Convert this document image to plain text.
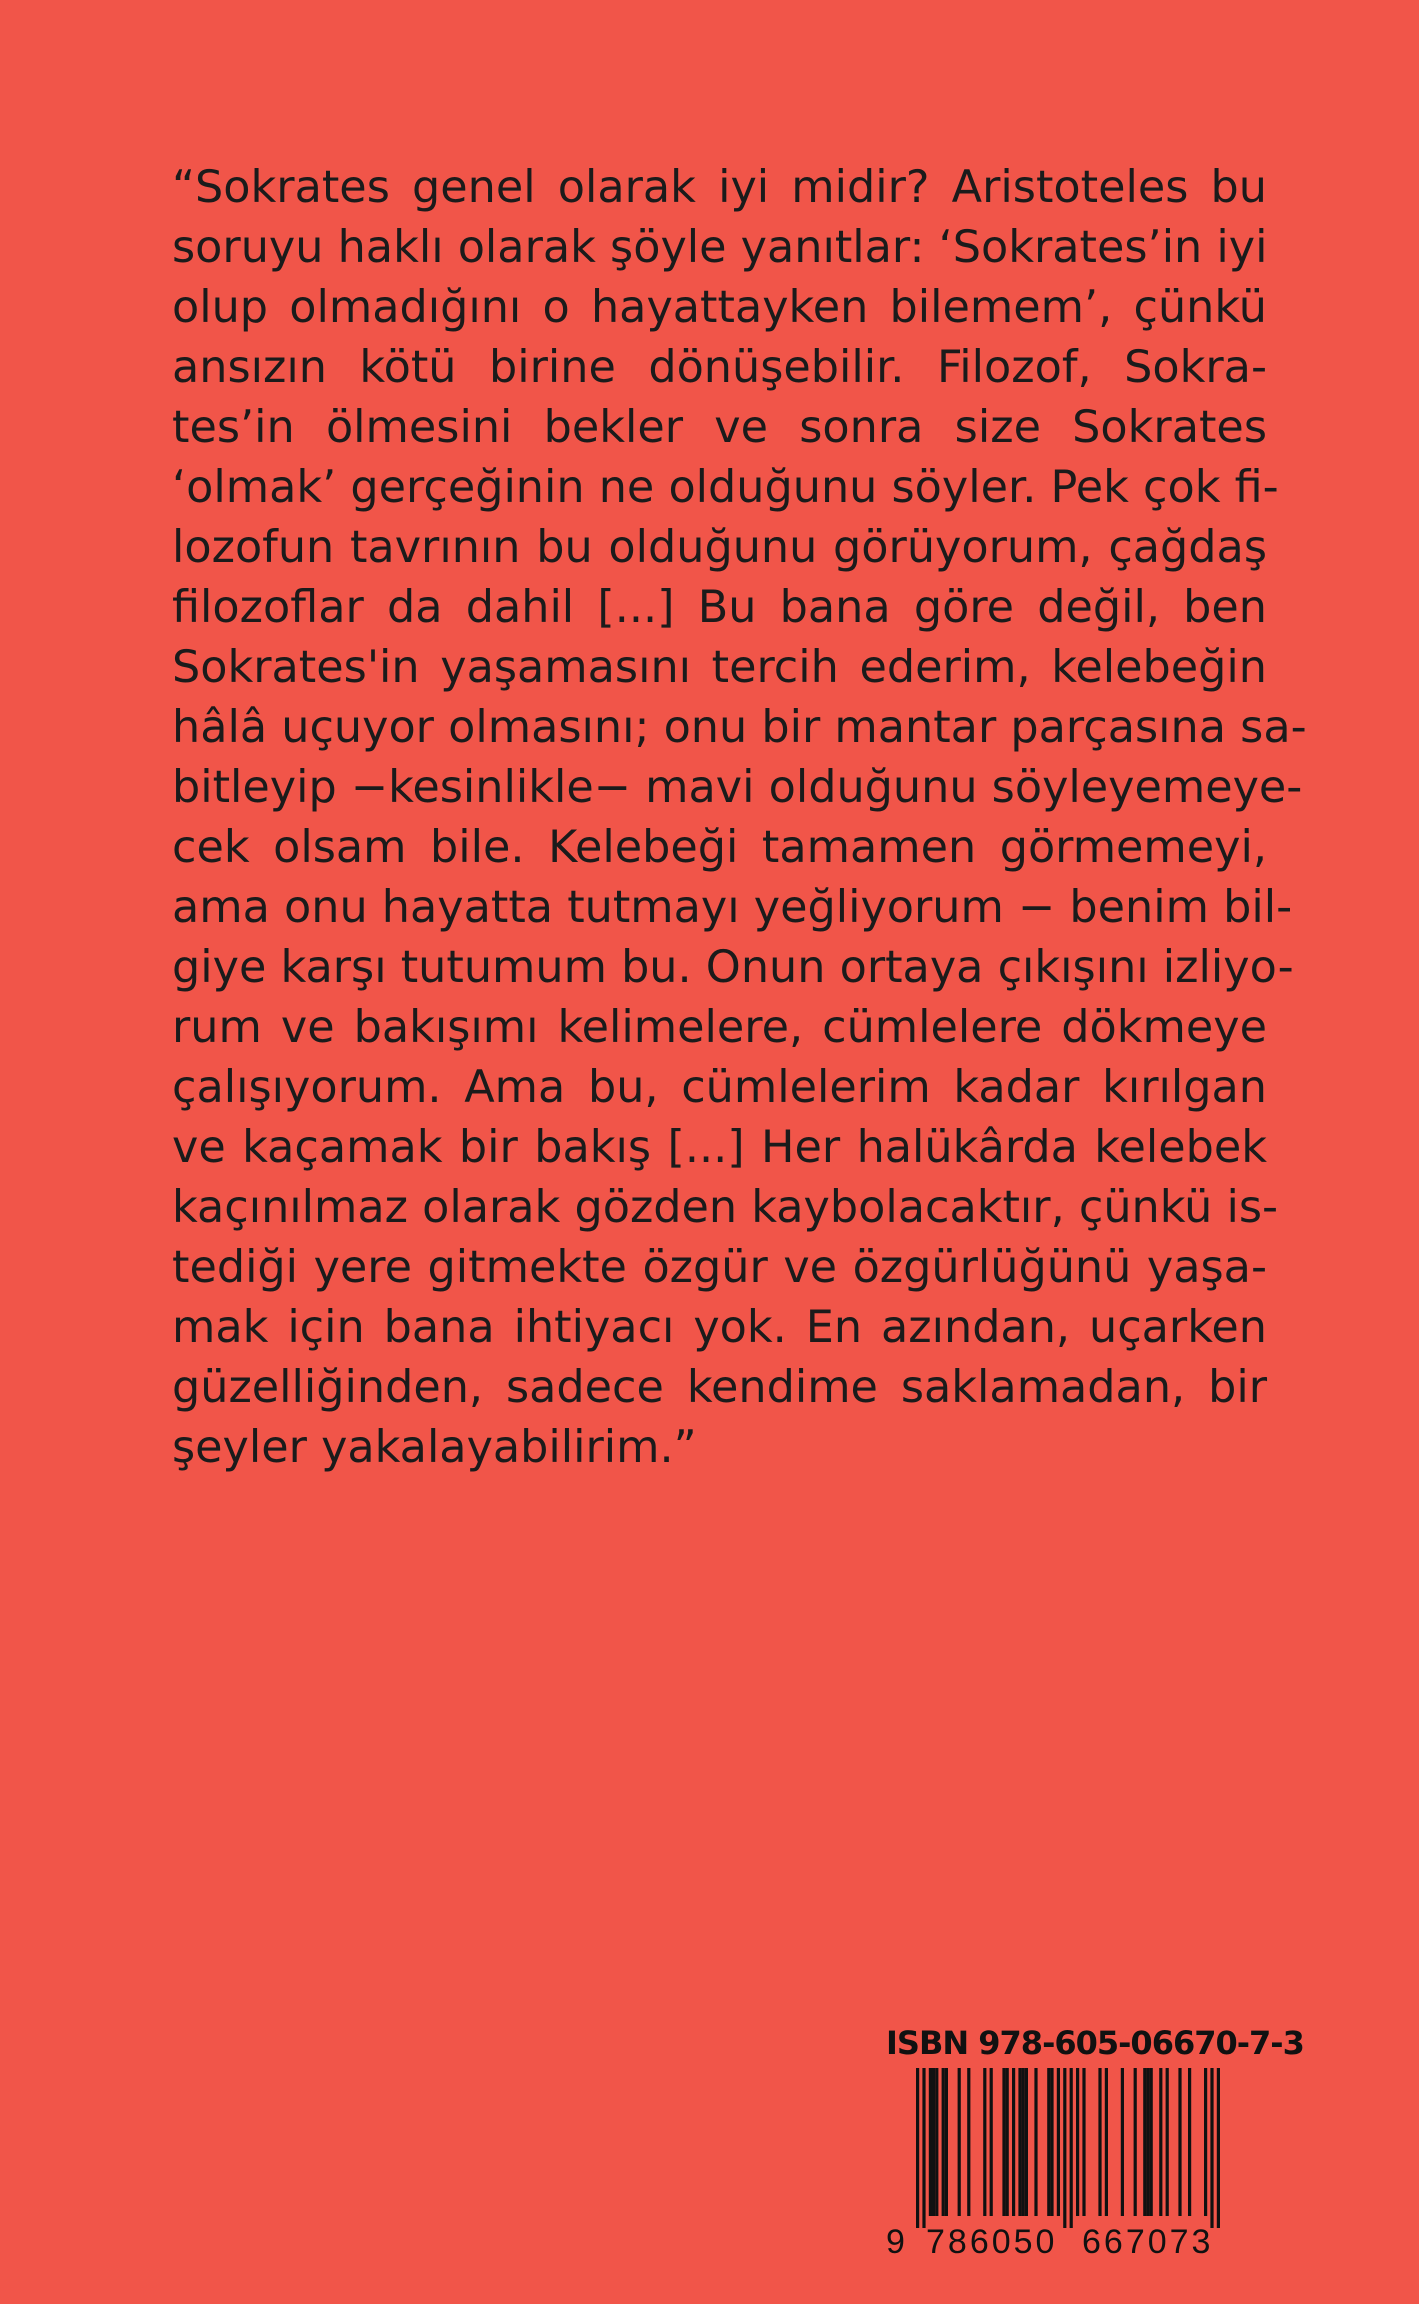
“Sokrates genel olarak iyi midir? Aristoteles bu
soruyu haklı olarak şöyle yanıtlar: ‘Sokrates’in iyi
olup olmadığını o hayattayken bilemem’, çünkü
ansızın kötü birine dönüşebilir. Filozof, Sokra-
tes’in ölmesini bekler ve sonra size Sokrates
‘olmak’ gerçeğinin ne olduğunu söyler. Pek çok fi-
lozofun tavrının bu olduğunu görüyorum, çağdaş
filozoflar da dahil [...] Bu bana göre değil, ben
Sokrates'in yaşamasını tercih ederim, kelebeğin
hâlâ uçuyor olmasını; onu bir mantar parçasına sa-
bitleyip −kesinlikle− mavi olduğunu söyleyemeye-
cek olsam bile. Kelebeği tamamen görmemeyi,
ama onu hayatta tutmayı yeğliyorum − benim bil-
giye karşı tutumum bu. Onun ortaya çıkışını izliyo-
rum ve bakışımı kelimelere, cümlelere dökmeye
çalışıyorum. Ama bu, cümlelerim kadar kırılgan
ve kaçamak bir bakış [...] Her halükârda kelebek
kaçınılmaz olarak gözden kaybolacaktır, çünkü is-
tediği yere gitmekte özgür ve özgürlüğünü yaşa-
mak için bana ihtiyacı yok. En azından, uçarken
güzelliğinden, sadece kendime saklamadan, bir
şeyler yakalayabilirim.”
ISBN 978-605-06670-7-3
9 786050 667073
